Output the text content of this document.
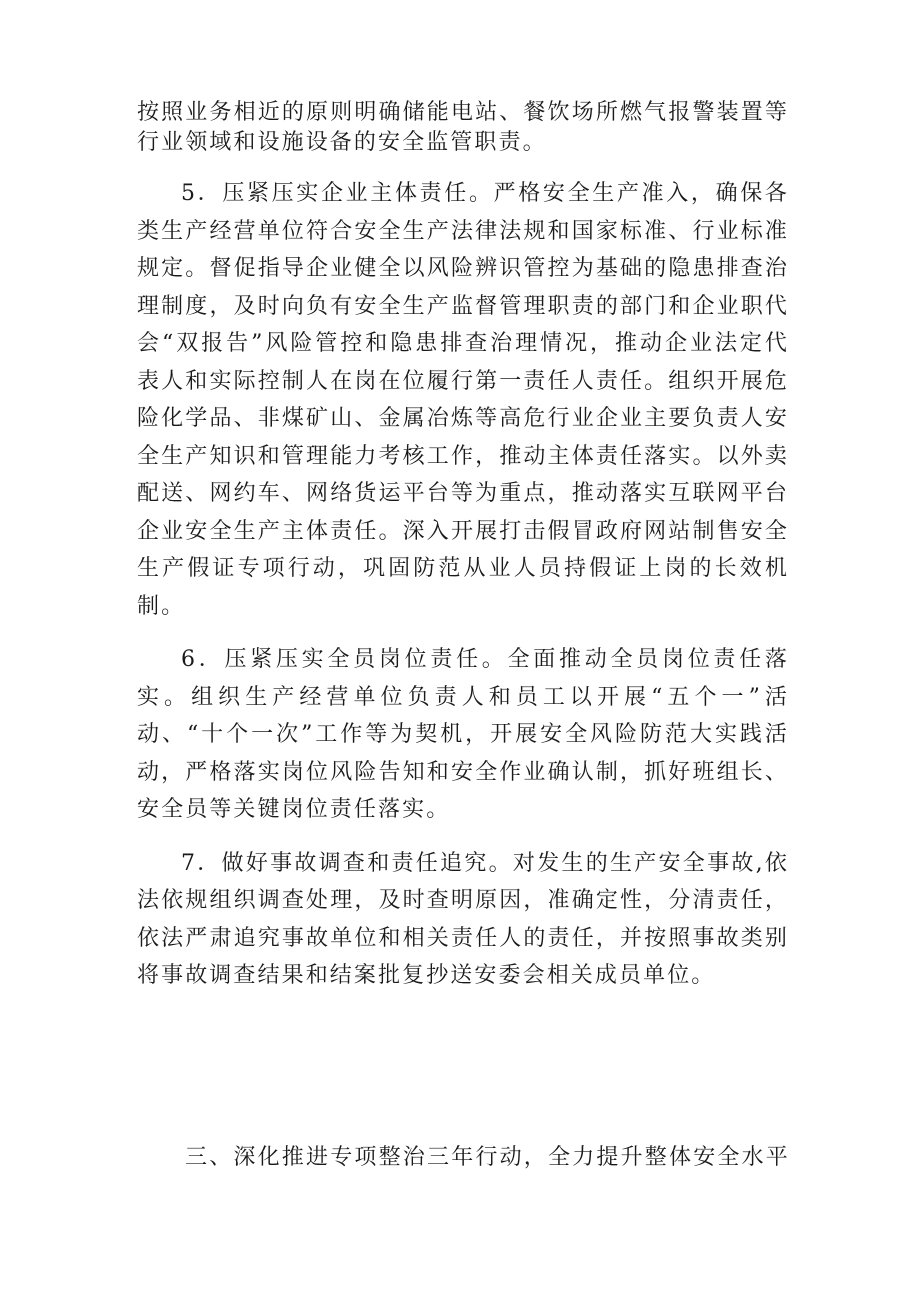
按照业务相近的原则明确储能电站、餐饮场所燃气报警装置等行业领域和设施设备的安全监管职责。

5．压紧压实企业主体责任。严格安全生产准入，确保各类生产经营单位符合安全生产法律法规和国家标准、行业标准规定。督促指导企业健全以风险辨识管控为基础的隐患排查治理制度，及时向负有安全生产监督管理职责的部门和企业职代会“双报告”风险管控和隐患排查治理情况，推动企业法定代表人和实际控制人在岗在位履行第一责任人责任。组织开展危险化学品、非煤矿山、金属冶炼等高危行业企业主要负责人安全生产知识和管理能力考核工作，推动主体责任落实。以外卖配送、网约车、网络货运平台等为重点，推动落实互联网平台企业安全生产主体责任。深入开展打击假冒政府网站制售安全生产假证专项行动，巩固防范从业人员持假证上岗的长效机制。

6．压紧压实全员岗位责任。全面推动全员岗位责任落实。组织生产经营单位负责人和员工以开展“五个一”活动、“十个一次”工作等为契机，开展安全风险防范大实践活动，严格落实岗位风险告知和安全作业确认制，抓好班组长、安全员等关键岗位责任落实。

7．做好事故调查和责任追究。对发生的生产安全事故,依法依规组织调查处理，及时查明原因，准确定性，分清责任，依法严肃追究事故单位和相关责任人的责任，并按照事故类别将事故调查结果和结案批复抄送安委会相关成员单位。

三、深化推进专项整治三年行动，全力提升整体安全水平
